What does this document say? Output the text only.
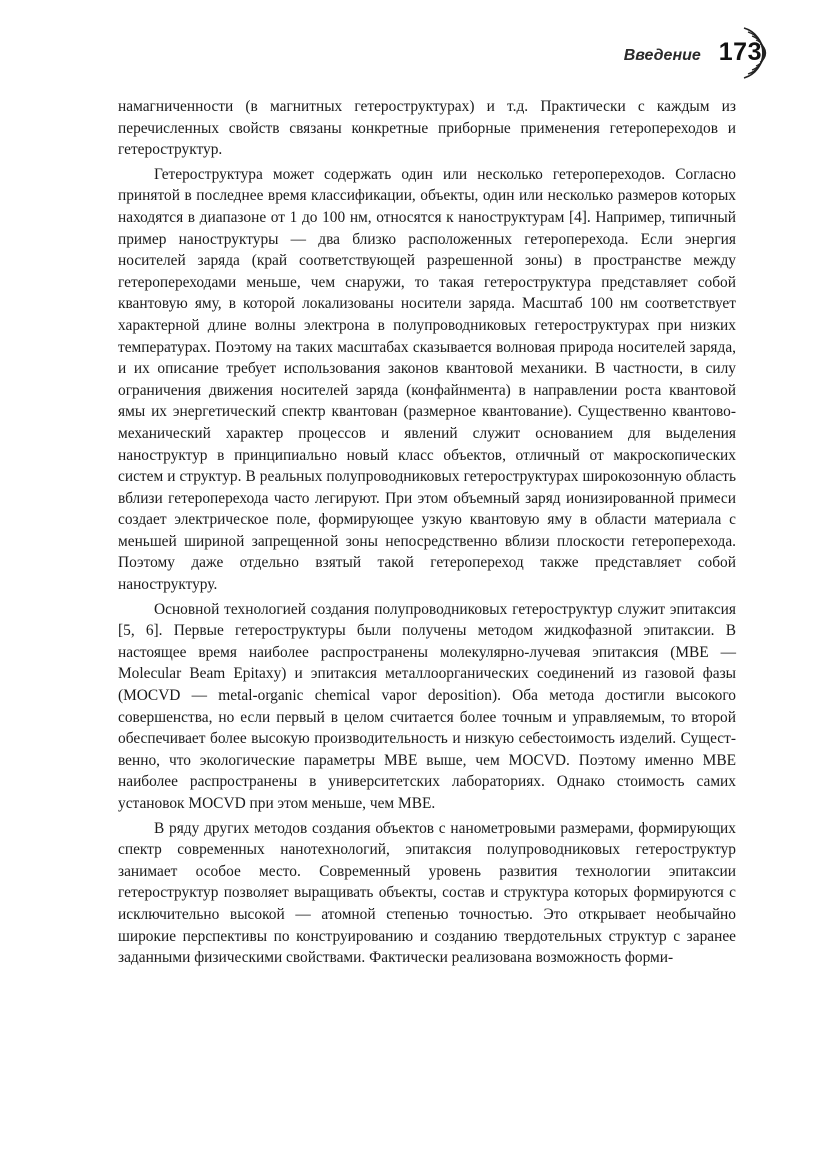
Введение 173

намагниченности (в магнитных гетероструктурах) и т.д. Практически с каждым из перечисленных свойств связаны конкретные приборные применения гетеропереходов и гетероструктур.

Гетероструктура может содержать один или несколько гетеропереходов. Согласно принятой в последнее время классификации, объекты, один или несколько размеров которых находятся в диапазоне от 1 до 100 нм, относятся к наноструктурам [4]. Например, типичный пример наноструктуры — два близко расположенных гетероперехода. Если энергия носителей заряда (край соответствующей разрешенной зоны) в пространстве между гетеропереходами меньше, чем снаружи, то такая гетероструктура представляет собой квантовую яму, в которой локализованы носители заряда. Масштаб 100 нм соответствует характерной длине волны электрона в полупроводниковых гетероструктурах при низких температурах. Поэтому на таких масштабах сказывается волновая природа носителей заряда, и их описание требует использования законов квантовой механики. В частности, в силу ограничения движения носителей заряда (конфайнмента) в направлении роста квантовой ямы их энергетический спектр квантован (размерное квантование). Существенно квантово-механический характер процессов и явлений служит основанием для выделения наноструктур в принципиально новый класс объектов, отличный от макроскопических систем и структур. В реальных полупроводниковых гетероструктурах широкозонную область вблизи гетероперехода часто легируют. При этом объемный заряд ионизированной примеси создает электрическое поле, формирующее узкую квантовую яму в области материала с меньшей шириной запрещенной зоны непосредственно вблизи плоскости гетероперехода. Поэтому даже отдельно взятый такой гетеропереход также представляет собой наноструктуру.

Основной технологией создания полупроводниковых гетероструктур служит эпитаксия [5, 6]. Первые гетероструктуры были получены методом жидкофазной эпитаксии. В настоящее время наиболее распространены молекулярно-лучевая эпитаксия (MBE — Molecular Beam Epitaxy) и эпитаксия металлоорганических соединений из газовой фазы (MOCVD — metal-organic chemical vapor deposition). Оба метода достигли высокого совершенства, но если первый в целом считается более точным и управляемым, то второй обеспечивает более высокую производительность и низкую себестоимость изделий. Существенно, что экологические параметры MBE выше, чем MOCVD. Поэтому именно MBE наиболее распространены в университетских лабораториях. Однако стоимость самих установок MOCVD при этом меньше, чем MBE.

В ряду других методов создания объектов с нанометровыми размерами, формирующих спектр современных нанотехнологий, эпитаксия полупроводниковых гетероструктур занимает особое место. Современный уровень развития технологии эпитаксии гетероструктур позволяет выращивать объекты, состав и структура которых формируются с исключительно высокой — атомной степенью точностью. Это открывает необычайно широкие перспективы по конструированию и созданию твердотельных структур с заранее заданными физическими свойствами. Фактически реализована возможность форми-
